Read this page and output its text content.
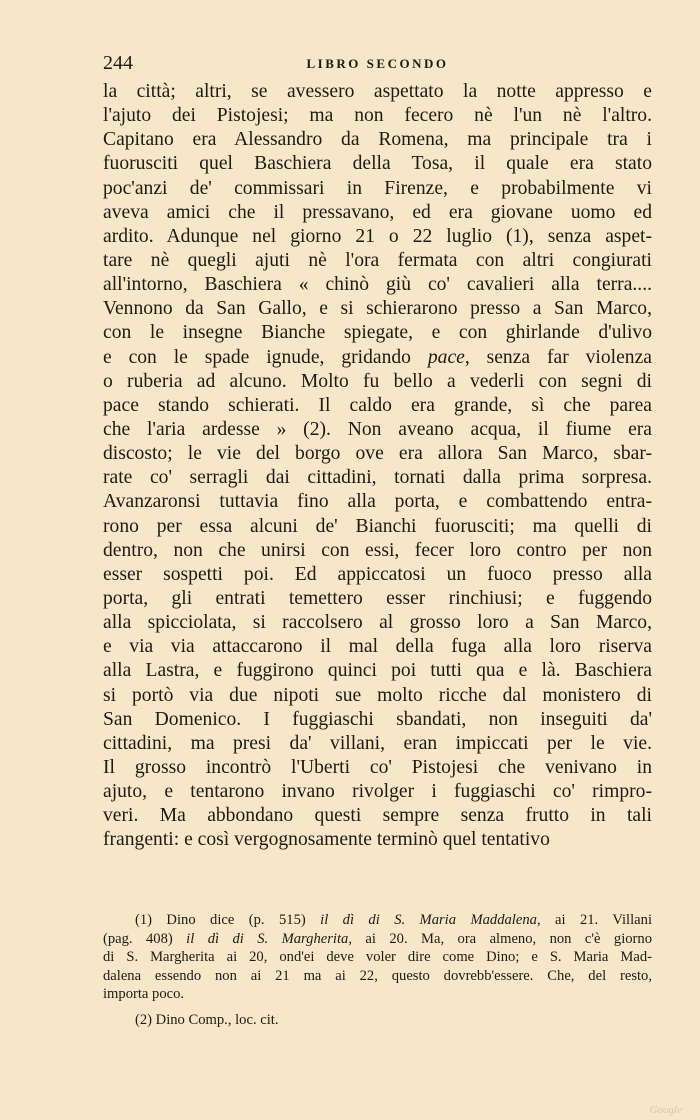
244	LIBRO SECONDO
la città; altri, se avessero aspettato la notte appresso e
l'ajuto dei Pistojesi; ma non fecero nè l'un nè l'altro.
Capitano era Alessandro da Romena, ma principale tra i
fuorusciti quel Baschiera della Tosa, il quale era stato
poc'anzi de' commissari in Firenze, e probabilmente vi
aveva amici che il pressavano, ed era giovane uomo ed
ardito. Adunque nel giorno 21 o 22 luglio (1), senza aspet-
tare nè quegli ajuti nè l'ora fermata con altri congiurati
all'intorno, Baschiera « chinò giù co' cavalieri alla terra....
Vennono da San Gallo, e si schierarono presso a San Marco,
con le insegne Bianche spiegate, e con ghirlande d'ulivo
e con le spade ignude, gridando pace, senza far violenza
o ruberia ad alcuno. Molto fu bello a vederli con segni di
pace stando schierati. Il caldo era grande, sì che parea
che l'aria ardesse » (2). Non aveano acqua, il fiume era
discosto; le vie del borgo ove era allora San Marco, sbar-
rate co' serragli dai cittadini, tornati dalla prima sorpresa.
Avanzaronsi tuttavia fino alla porta, e combattendo entra-
rono per essa alcuni de' Bianchi fuorusciti; ma quelli di
dentro, non che unirsi con essi, fecer loro contro per non
esser sospetti poi. Ed appiccatosi un fuoco presso alla
porta, gli entrati temettero esser rinchiusi; e fuggendo
alla spicciolata, si raccolsero al grosso loro a San Marco,
e via via attaccarono il mal della fuga alla loro riserva
alla Lastra, e fuggirono quinci poi tutti qua e là. Baschiera
si portò via due nipoti sue molto ricche dal monistero di
San Domenico. I fuggiaschi sbandati, non inseguiti da'
cittadini, ma presi da' villani, eran impiccati per le vie.
Il grosso incontrò l'Uberti co' Pistojesi che venivano in
ajuto, e tentarono invano rivolger i fuggiaschi co' rimpro-
veri. Ma abbondano questi sempre senza frutto in tali
frangenti: e così vergognosamente terminò quel tentativo
(1) Dino dice (p. 515) il dì di S. Maria Maddalena, ai 21. Villani
(pag. 408) il dì di S. Margherita, ai 20. Ma, ora almeno, non c'è giorno
di S. Margherita ai 20, ond'ei deve voler dire come Dino; e S. Maria Mad-
dalena essendo non ai 21 ma ai 22, questo dovrebb'essere. Che, del resto,
importa poco.
(2) Dino Comp., loc. cit.
Google
